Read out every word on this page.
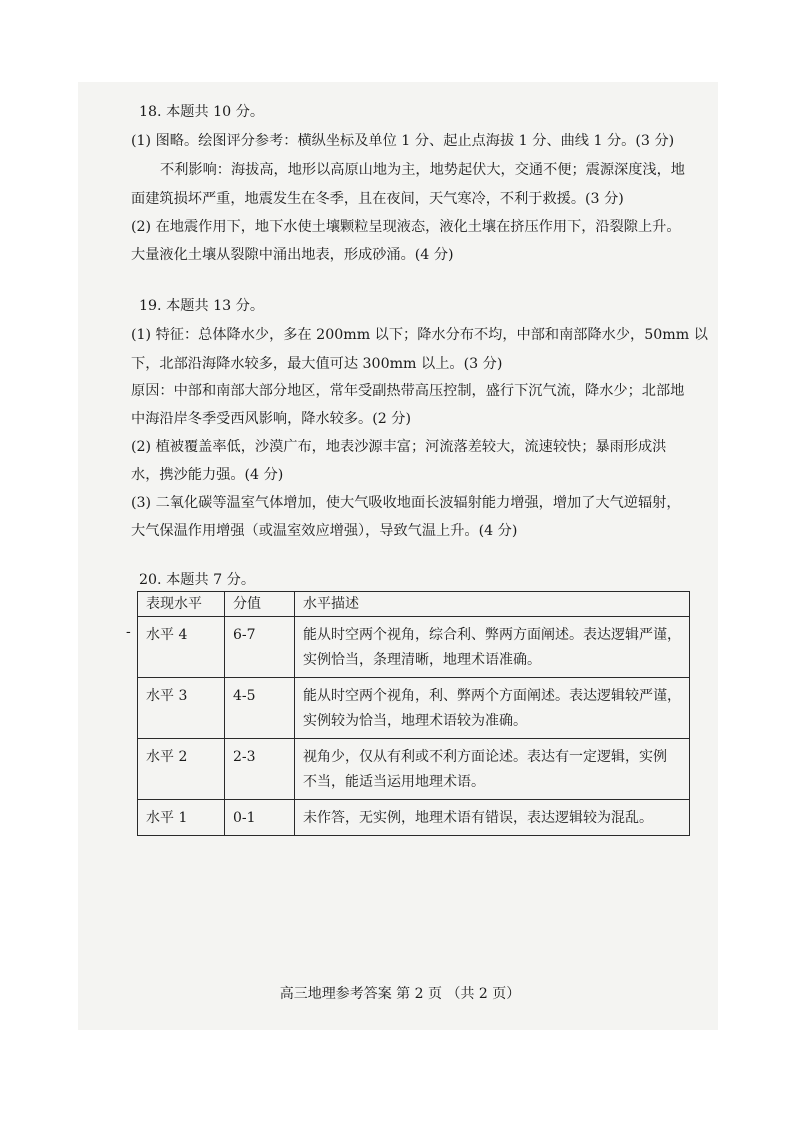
18. 本题共 10 分。
(1) 图略。绘图评分参考：横纵坐标及单位 1 分、起止点海拔 1 分、曲线 1 分。(3 分)
不利影响：海拔高，地形以高原山地为主，地势起伏大，交通不便；震源深度浅，地
面建筑损坏严重，地震发生在冬季，且在夜间，天气寒冷，不利于救援。(3 分)
(2) 在地震作用下，地下水使土壤颗粒呈现液态，液化土壤在挤压作用下，沿裂隙上升。
大量液化土壤从裂隙中涌出地表，形成砂涌。(4 分)
19. 本题共 13 分。
(1) 特征：总体降水少，多在 200mm 以下；降水分布不均，中部和南部降水少，50mm 以
下，北部沿海降水较多，最大值可达 300mm 以上。(3 分)
原因：中部和南部大部分地区，常年受副热带高压控制，盛行下沉气流，降水少；北部地
中海沿岸冬季受西风影响，降水较多。(2 分)
(2) 植被覆盖率低，沙漠广布，地表沙源丰富；河流落差较大，流速较快；暴雨形成洪
水，携沙能力强。(4 分)
(3) 二氧化碳等温室气体增加，使大气吸收地面长波辐射能力增强，增加了大气逆辐射，
大气保温作用增强（或温室效应增强），导致气温上升。(4 分)
20. 本题共 7 分。
-
表现水平	分值	水平描述
水平 4	6-7	能从时空两个视角，综合利、弊两方面阐述。表达逻辑严谨，
实例恰当，条理清晰，地理术语准确。

水平 3	4-5	能从时空两个视角，利、弊两个方面阐述。表达逻辑较严谨，
实例较为恰当，地理术语较为准确。

水平 2	2-3	视角少，仅从有利或不利方面论述。表达有一定逻辑，实例
不当，能适当运用地理术语。

水平 1	0-1	未作答，无实例，地理术语有错误，表达逻辑较为混乱。
高三地理参考答案 第 2 页 （共 2 页）
